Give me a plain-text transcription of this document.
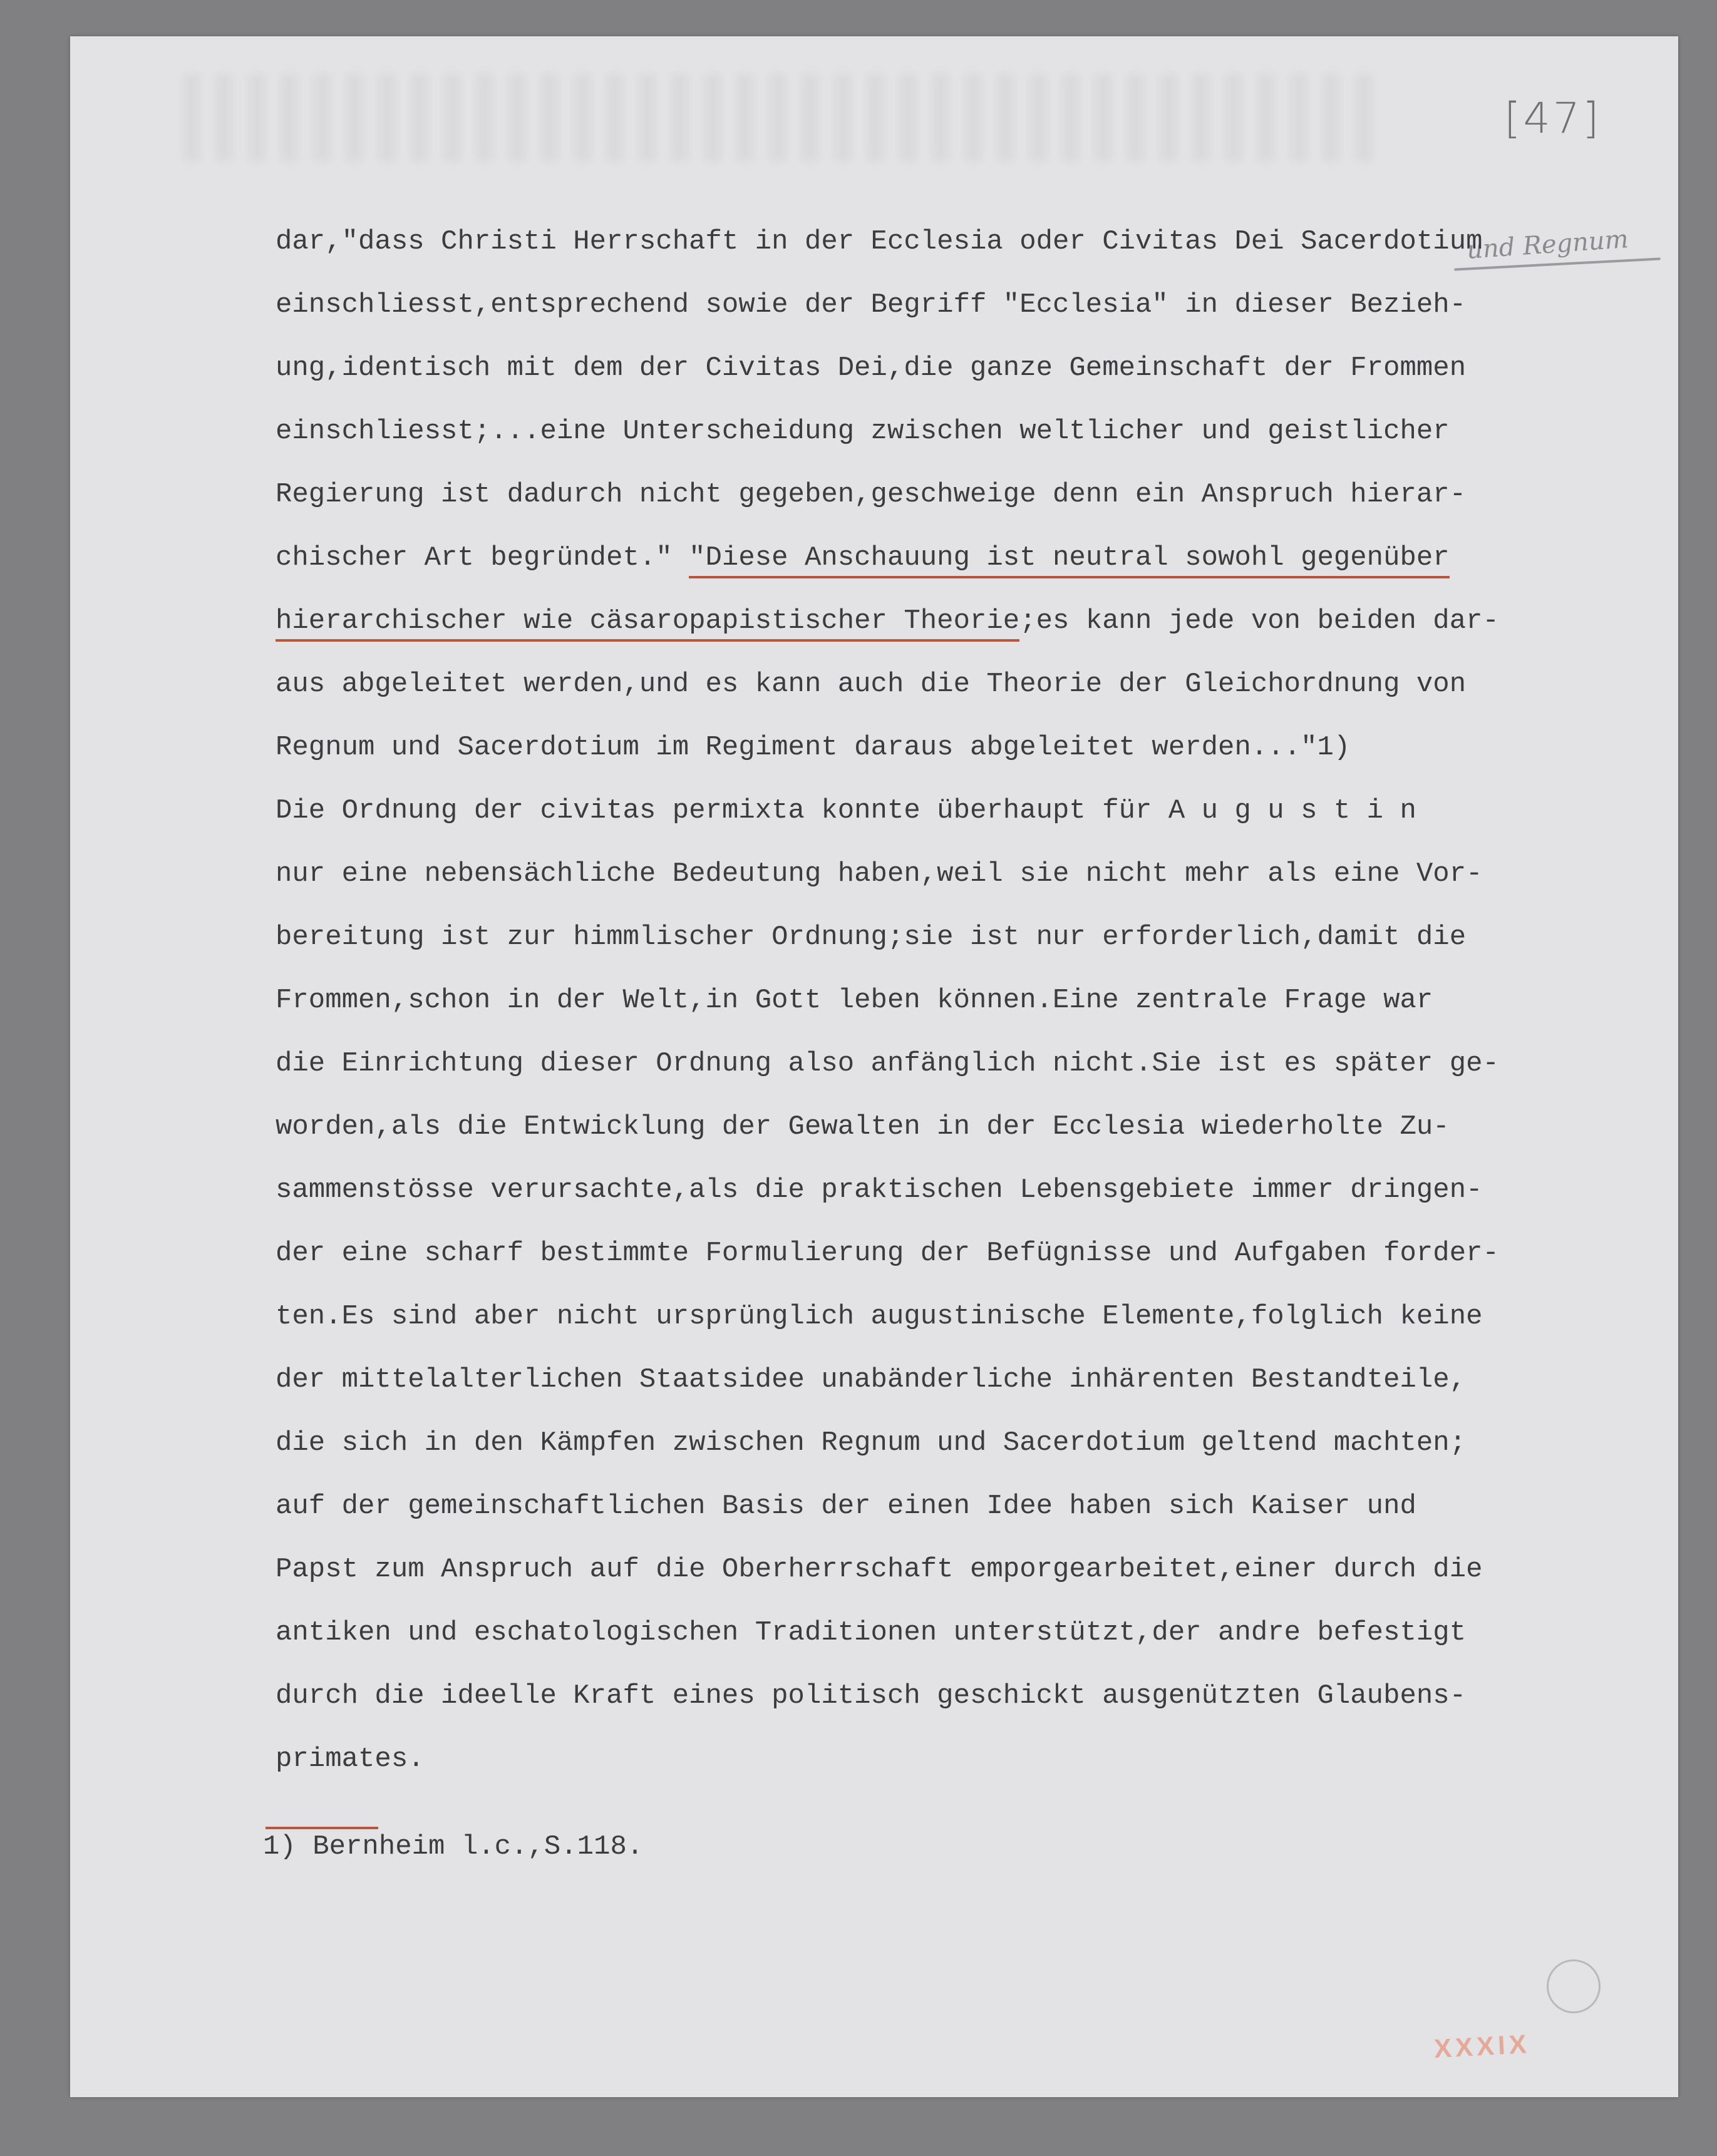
[47]
und Regnum
dar,"dass Christi Herrschaft in der Ecclesia oder Civitas Dei Sacerdotium
einschliesst,entsprechend sowie der Begriff "Ecclesia" in dieser Bezieh-
ung,identisch mit dem der Civitas Dei,die ganze Gemeinschaft der Frommen
einschliesst;...eine Unterscheidung zwischen weltlicher und geistlicher
Regierung ist dadurch nicht gegeben,geschweige denn ein Anspruch hierar-
chischer Art begründet." "Diese Anschauung ist neutral sowohl gegenüber
hierarchischer wie cäsaropapistischer Theorie;es kann jede von beiden dar-
aus abgeleitet werden,und es kann auch die Theorie der Gleichordnung von
Regnum und Sacerdotium im Regiment daraus abgeleitet werden..."1)
Die Ordnung der civitas permixta konnte überhaupt für A u g u s t i n
nur eine nebensächliche Bedeutung haben,weil sie nicht mehr als eine Vor-
bereitung ist zur himmlischer Ordnung;sie ist nur erforderlich,damit die
Frommen,schon in der Welt,in Gott leben können.Eine zentrale Frage war
die Einrichtung dieser Ordnung also anfänglich nicht.Sie ist es später ge-
worden,als die Entwicklung der Gewalten in der Ecclesia wiederholte Zu-
sammenstösse verursachte,als die praktischen Lebensgebiete immer dringen-
der eine scharf bestimmte Formulierung der Befügnisse und Aufgaben forder-
ten.Es sind aber nicht ursprünglich augustinische Elemente,folglich keine
der mittelalterlichen Staatsidee unabänderliche inhärenten Bestandteile,
die sich in den Kämpfen zwischen Regnum und Sacerdotium geltend machten;
auf der gemeinschaftlichen Basis der einen Idee haben sich Kaiser und
Papst zum Anspruch auf die Oberherrschaft emporgearbeitet,einer durch die
antiken und eschatologischen Traditionen unterstützt,der andre befestigt
durch die ideelle Kraft eines politisch geschickt ausgenützten Glaubens-
primates.
1) Bernheim l.c.,S.118.
XXXIX
